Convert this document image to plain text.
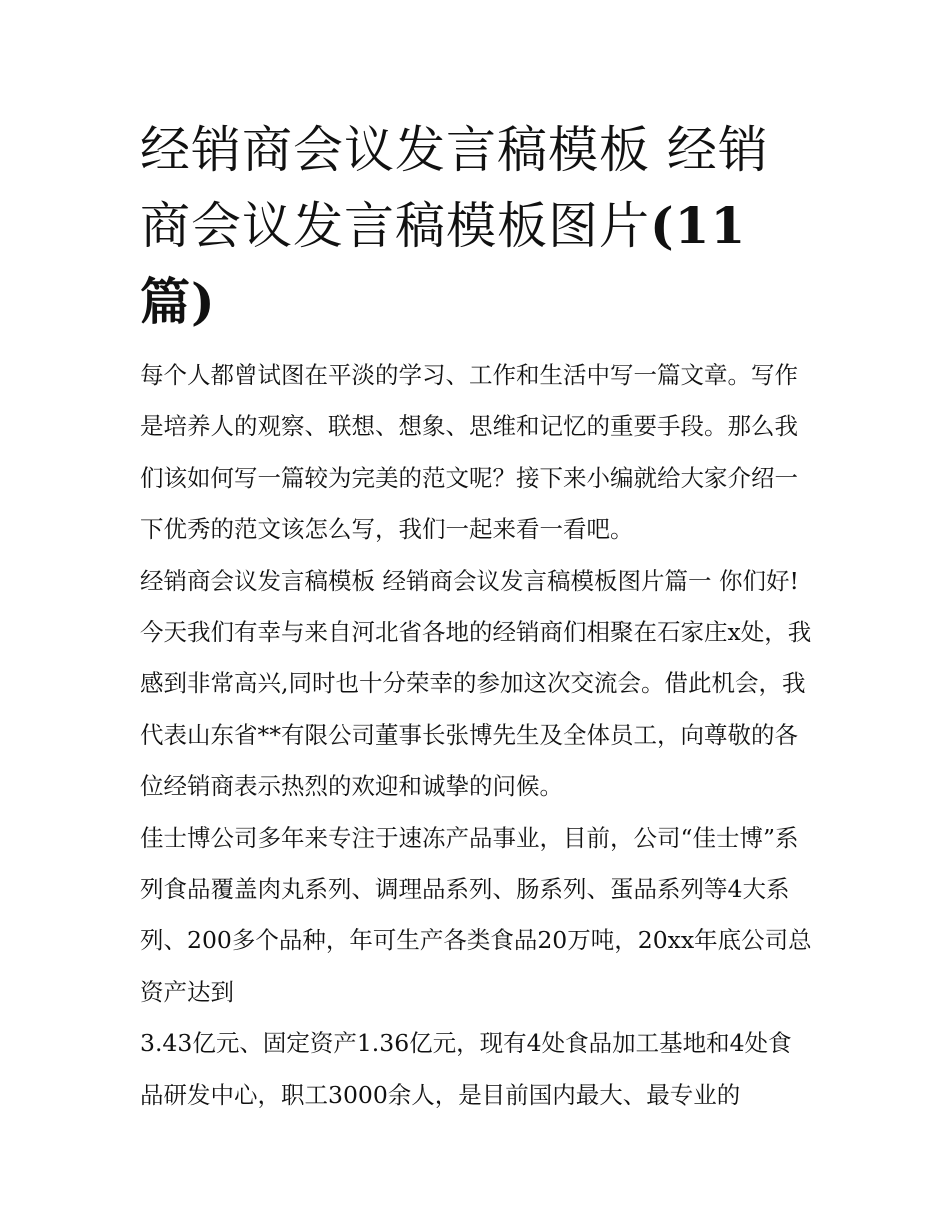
经销商会议发言稿模板 经销商会议发言稿模板图片(11篇)

每个人都曾试图在平淡的学习、工作和生活中写一篇文章。写作是培养人的观察、联想、想象、思维和记忆的重要手段。那么我们该如何写一篇较为完美的范文呢？接下来小编就给大家介绍一下优秀的范文该怎么写，我们一起来看一看吧。

经销商会议发言稿模板 经销商会议发言稿模板图片篇一 你们好!

今天我们有幸与来自河北省各地的经销商们相聚在石家庄x处，我感到非常高兴,同时也十分荣幸的参加这次交流会。借此机会，我代表山东省**有限公司董事长张博先生及全体员工，向尊敬的各位经销商表示热烈的欢迎和诚挚的问候。

佳士博公司多年来专注于速冻产品事业，目前，公司“佳士博”系列食品覆盖肉丸系列、调理品系列、肠系列、蛋品系列等4大系列、200多个品种，年可生产各类食品20万吨，20xx年底公司总资产达到

3.43亿元、固定资产1.36亿元，现有4处食品加工基地和4处食品研发中心，职工3000余人，是目前国内最大、最专业的
